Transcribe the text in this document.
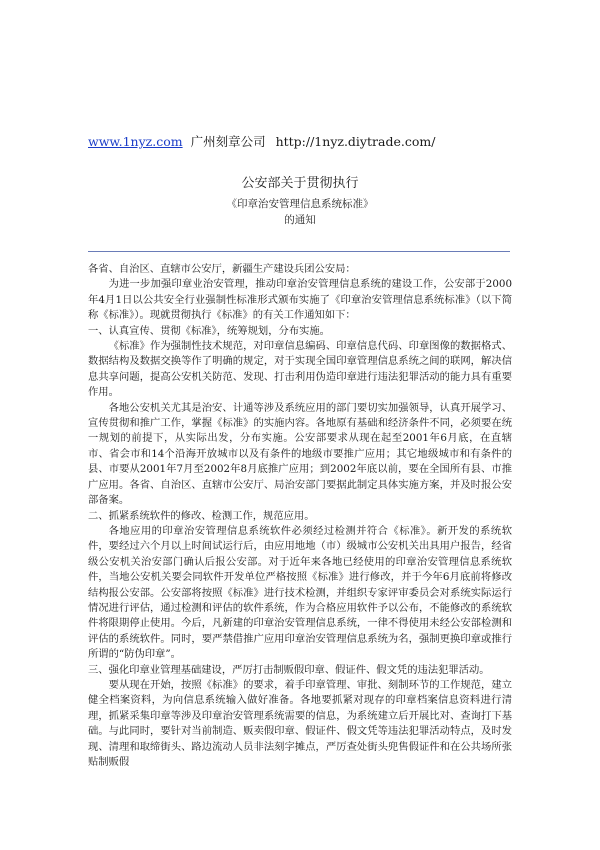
www.1nyz.com 广州刻章公司 http://1nyz.diytrade.com/
公安部关于贯彻执行
《印章治安管理信息系统标准》
的通知

各省、自治区、直辖市公安厅，新疆生产建设兵团公安局：

为进一步加强印章业治安管理，推动印章治安管理信息系统的建设工作，公安部于2000年4月1日以公共安全行业强制性标准形式颁布实施了《印章治安管理信息系统标准》（以下简称《标准》）。现就贯彻执行《标准》的有关工作通知如下：

一、认真宣传、贯彻《标准》，统筹规划，分布实施。

《标准》作为强制性技术规范，对印章信息编码、印章信息代码、印章图像的数据格式、数据结构及数据交换等作了明确的规定，对于实现全国印章管理信息系统之间的联网，解决信息共享问题，提高公安机关防范、发现、打击利用伪造印章进行违法犯罪活动的能力具有重要作用。

各地公安机关尤其是治安、计通等涉及系统应用的部门要切实加强领导，认真开展学习、宣传贯彻和推广工作，掌握《标准》的实施内容。各地原有基础和经济条件不同，必须要在统一规划的前提下，从实际出发，分布实施。公安部要求从现在起至2001年6月底，在直辖市、省会市和14个沿海开放城市以及有条件的地级市要推广应用；其它地级城市和有条件的县、市要从2001年7月至2002年8月底推广应用；到2002年底以前，要在全国所有县、市推广应用。各省、自治区、直辖市公安厅、局治安部门要据此制定具体实施方案，并及时报公安部备案。

二、抓紧系统软件的修改、检测工作，规范应用。

各地应用的印章治安管理信息系统软件必须经过检测并符合《标准》。新开发的系统软件，要经过六个月以上时间试运行后，由应用地地（市）级城市公安机关出具用户报告，经省级公安机关治安部门确认后报公安部。对于近年来各地已经使用的印章治安管理信息系统软件，当地公安机关要会同软件开发单位严格按照《标准》进行修改，并于今年6月底前将修改结构报公安部。公安部将按照《标准》进行技术检测，并组织专家评审委员会对系统实际运行情况进行评估，通过检测和评估的软件系统，作为合格应用软件予以公布，不能修改的系统软件将限期停止使用。今后，凡新建的印章治安管理信息系统，一律不得使用未经公安部检测和评估的系统软件。同时，要严禁借推广应用印章治安管理信息系统为名，强制更换印章或推行所谓的“防伪印章”。

三、强化印章业管理基础建设，严厉打击制贩假印章、假证件、假文凭的违法犯罪活动。

要从现在开始，按照《标准》的要求，着手印章管理、审批、刻制环节的工作规范，建立健全档案资料，为向信息系统输入做好准备。各地要抓紧对现存的印章档案信息资料进行清理，抓紧采集印章等涉及印章治安管理系统需要的信息，为系统建立后开展比对、查询打下基础。与此同时，要针对当前制造、贩卖假印章、假证件、假文凭等违法犯罪活动特点，及时发现、清理和取缔街头、路边流动人员非法刻字摊点，严厉查处街头兜售假证件和在公共场所张贴制贩假
